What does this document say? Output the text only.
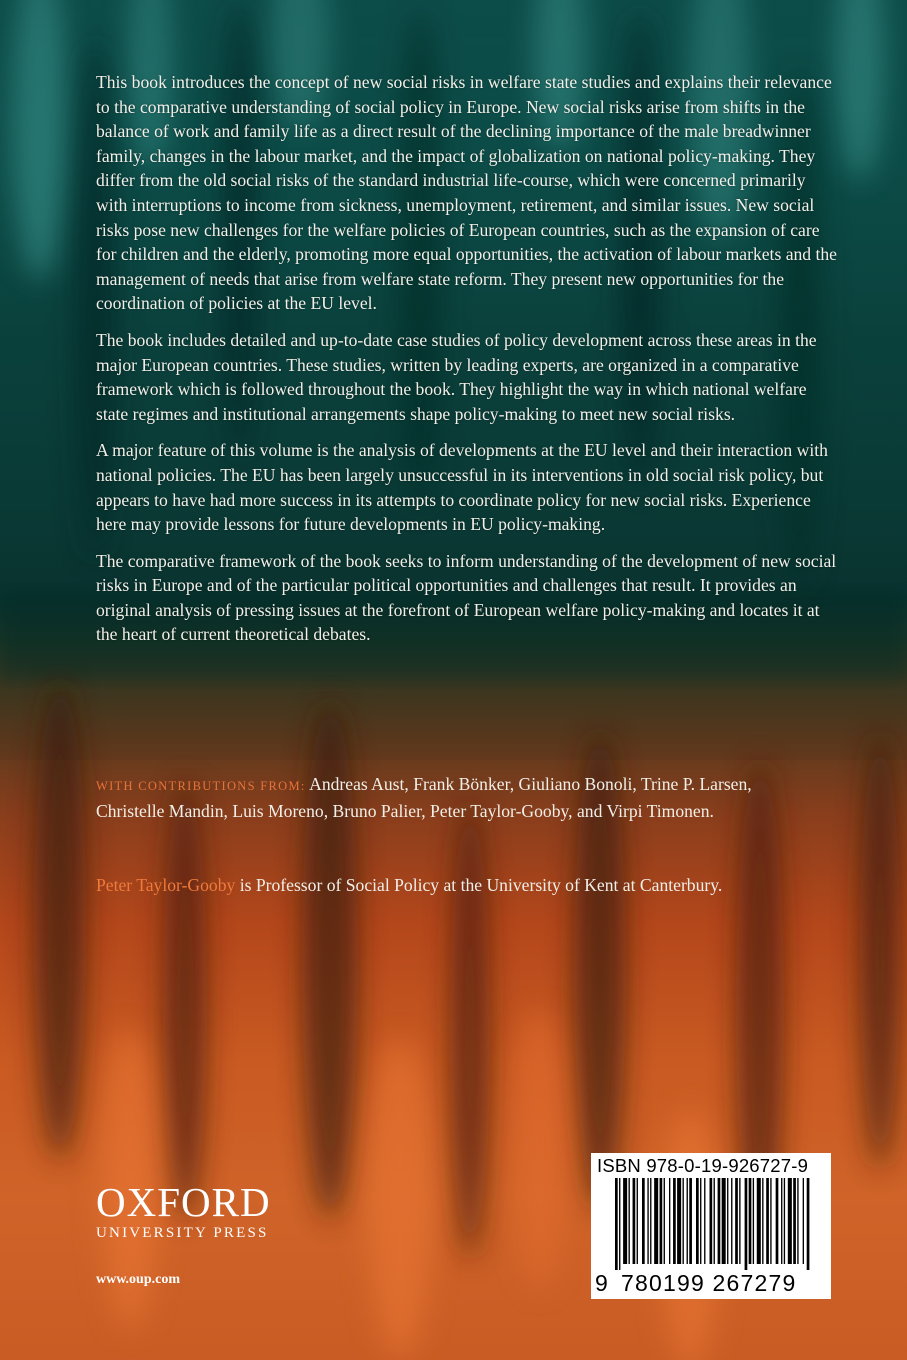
This book introduces the concept of new social risks in welfare state studies and explains their relevance to the comparative understanding of social policy in Europe. New social risks arise from shifts in the balance of work and family life as a direct result of the declining importance of the male breadwinner family, changes in the labour market, and the impact of globalization on national policy-making. They differ from the old social risks of the standard industrial life-course, which were concerned primarily with interruptions to income from sickness, unemployment, retirement, and similar issues. New social risks pose new challenges for the welfare policies of European countries, such as the expansion of care for children and the elderly, promoting more equal opportunities, the activation of labour markets and the management of needs that arise from welfare state reform. They present new opportunities for the coordination of policies at the EU level.

The book includes detailed and up-to-date case studies of policy development across these areas in the major European countries. These studies, written by leading experts, are organized in a comparative framework which is followed throughout the book. They highlight the way in which national welfare state regimes and institutional arrangements shape policy-making to meet new social risks.

A major feature of this volume is the analysis of developments at the EU level and their interaction with national policies. The EU has been largely unsuccessful in its interventions in old social risk policy, but appears to have had more success in its attempts to coordinate policy for new social risks. Experience here may provide lessons for future developments in EU policy-making.

The comparative framework of the book seeks to inform understanding of the development of new social risks in Europe and of the particular political opportunities and challenges that result. It provides an original analysis of pressing issues at the forefront of European welfare policy-making and locates it at the heart of current theoretical debates.

WITH CONTRIBUTIONS FROM: Andreas Aust, Frank Bönker, Giuliano Bonoli, Trine P. Larsen, Christelle Mandin, Luis Moreno, Bruno Palier, Peter Taylor-Gooby, and Virpi Timonen.
Peter Taylor-Gooby is Professor of Social Policy at the University of Kent at Canterbury.
OXFORD
UNIVERSITY PRESS
www.oup.com
ISBN 978-0-19-926727-9
9 780199 267279
